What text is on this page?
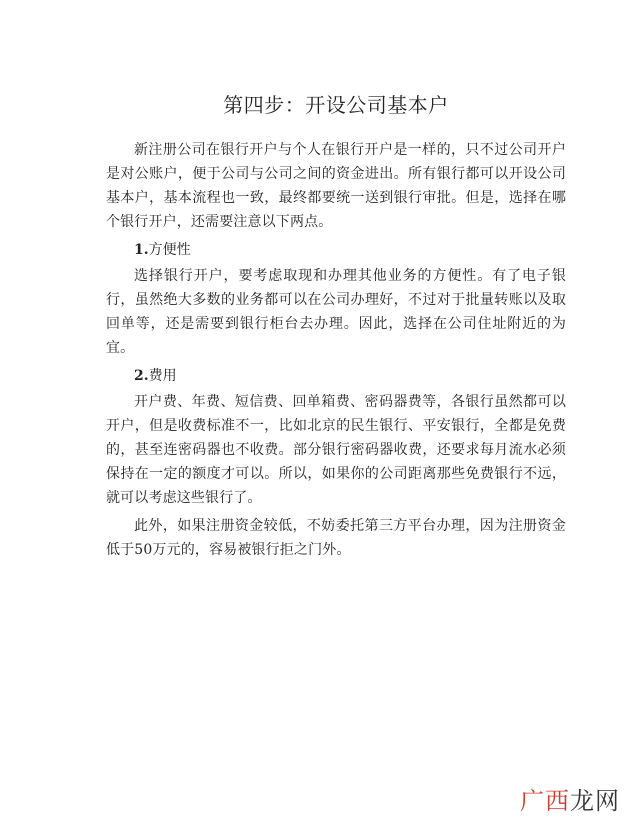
第四步：开设公司基本户

新注册公司在银行开户与个人在银行开户是一样的，只不过公司开户是对公账户，便于公司与公司之间的资金进出。所有银行都可以开设公司基本户，基本流程也一致，最终都要统一送到银行审批。但是，选择在哪个银行开户，还需要注意以下两点。

1.方便性

选择银行开户，要考虑取现和办理其他业务的方便性。有了电子银行，虽然绝大多数的业务都可以在公司办理好，不过对于批量转账以及取回单等，还是需要到银行柜台去办理。因此，选择在公司住址附近的为宜。

2.费用

开户费、年费、短信费、回单箱费、密码器费等，各银行虽然都可以开户，但是收费标准不一，比如北京的民生银行、平安银行，全都是免费的，甚至连密码器也不收费。部分银行密码器收费，还要求每月流水必须保持在一定的额度才可以。所以，如果你的公司距离那些免费银行不远，就可以考虑这些银行了。

此外，如果注册资金较低，不妨委托第三方平台办理，因为注册资金低于50万元的，容易被银行拒之门外。

广西龙网
